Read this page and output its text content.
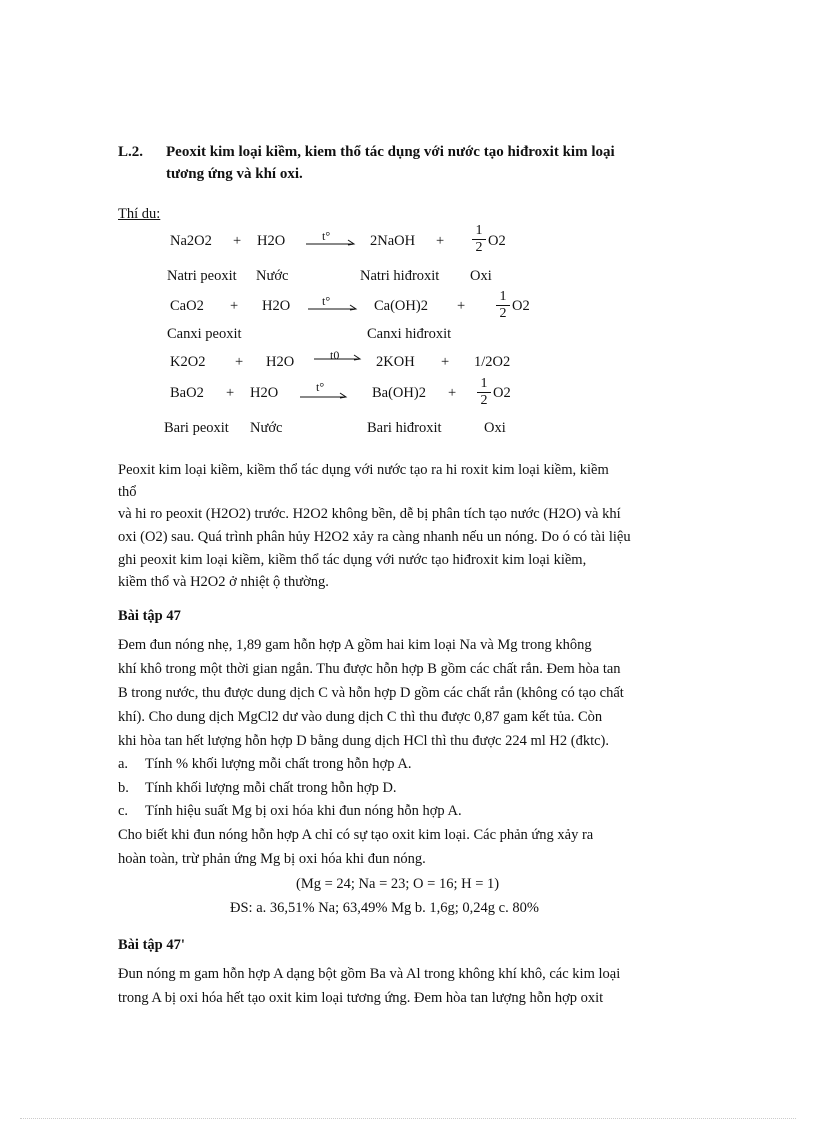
L.2. Peoxit kim loại kiềm, kiem thổ tác dụng với nước tạo hiđroxit kim loại
tương ứng và khí oxi.
Thí du:
Na2O2 + H2O	t° → 2NaOH + $\frac{1}{2} O2$
Natri peoxit Nước	Natri hiđroxit Oxi
CaO2 + H2O	$t^\circ \to Ca(OH)2 + \frac{1}{2} O2$
Canxi peoxit	Canxi hiđroxit
K2O2 + H2O	t0 → 2KOH + 1/2O2
BaO2 + H2O	$t^\circ \to Ba(OH)2 + \frac{1}{2} O2$
Bari peoxit Nước	Bari hiđroxit	Oxi
Peoxit kim loại kiềm, kiềm thổ tác dụng với nước tạo ra hi roxit kim loại kiềm, kiềm
thổ
và hi ro peoxit (H2O2) trước. H2O2 không bền, dễ bị phân tích tạo nước (H2O) và khí
oxi (O2) sau. Quá trình phân hủy H2O2 xảy ra càng nhanh nếu un nóng. Do ó có tài liệu
ghi peoxit kim loại kiềm, kiềm thổ tác dụng với nước tạo hiđroxit kim loại kiềm,
kiềm thổ và H2O2 ở nhiệt ộ thường.
Bài tập 47
Đem đun nóng nhẹ, 1,89 gam hỗn hợp A gồm hai kim loại Na và Mg trong không
khí khô trong một thời gian ngắn. Thu được hỗn hợp B gồm các chất rắn. Đem hòa tan
B trong nước, thu được dung dịch C và hỗn hợp D gồm các chất rắn (không có tạo chất
khí). Cho dung dịch MgCl2 dư vào dung dịch C thì thu được 0,87 gam kết tủa. Còn
khi hòa tan hết lượng hỗn hợp D bằng dung dịch HCl thì thu được 224 ml H2 (đktc).
a. Tính % khối lượng mỗi chất trong hỗn hợp A.
b. Tính khối lượng mỗi chất trong hỗn hợp D.
c. Tính hiệu suất Mg bị oxi hóa khi đun nóng hỗn hợp A.
Cho biết khi đun nóng hỗn hợp A chỉ có sự tạo oxit kim loại. Các phản ứng xảy ra
hoàn toàn, trừ phản ứng Mg bị oxi hóa khi đun nóng.
(Mg = 24; Na = 23; O = 16; H = 1)
ĐS: a. 36,51% Na; 63,49% Mg b. 1,6g; 0,24g c. 80%
Bài tập 47'
Đun nóng m gam hỗn hợp A dạng bột gồm Ba và Al trong không khí khô, các kim loại
trong A bị oxi hóa hết tạo oxit kim loại tương ứng. Đem hòa tan lượng hỗn hợp oxit
